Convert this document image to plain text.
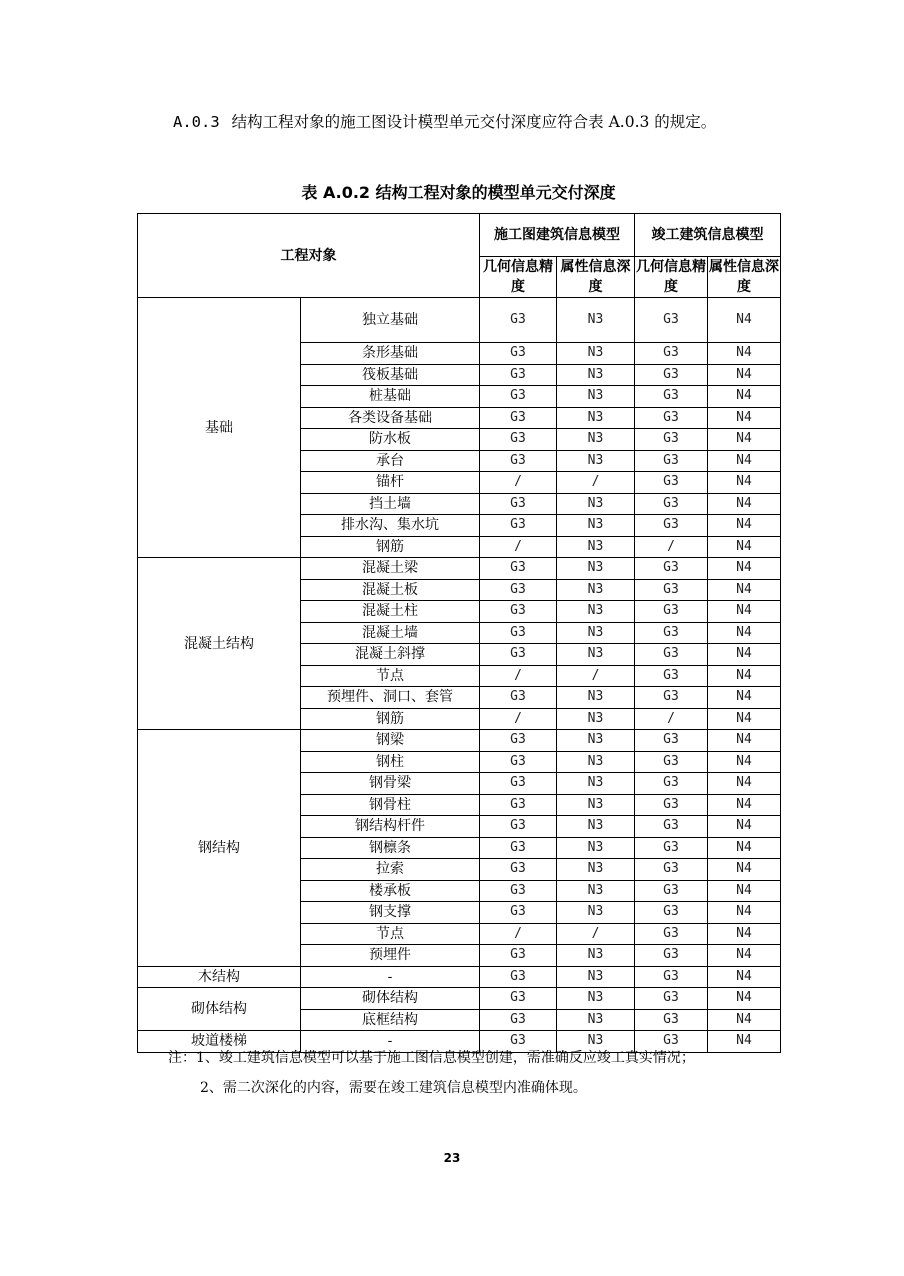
A.0.3 结构工程对象的施工图设计模型单元交付深度应符合表 A.0.3 的规定。
表 A.0.2 结构工程对象的模型单元交付深度
工程对象		施工图建筑信息模型		竣工建筑信息模型	
		几何信息精度	属性信息深度	几何信息精度	属性信息深度
基础	独立基础	G3	N3	G3	N4
	条形基础	G3	N3	G3	N4
	筏板基础	G3	N3	G3	N4
	桩基础	G3	N3	G3	N4
	各类设备基础	G3	N3	G3	N4
	防水板	G3	N3	G3	N4
	承台	G3	N3	G3	N4
	锚杆	/	/	G3	N4
	挡土墙	G3	N3	G3	N4
	排水沟、集水坑	G3	N3	G3	N4
	钢筋	/	N3	/	N4
混凝土结构	混凝土梁	G3	N3	G3	N4
	混凝土板	G3	N3	G3	N4
	混凝土柱	G3	N3	G3	N4
	混凝土墙	G3	N3	G3	N4
	混凝土斜撑	G3	N3	G3	N4
	节点	/	/	G3	N4
	预埋件、洞口、套管	G3	N3	G3	N4
	钢筋	/	N3	/	N4
钢结构	钢梁	G3	N3	G3	N4
	钢柱	G3	N3	G3	N4
	钢骨梁	G3	N3	G3	N4
	钢骨柱	G3	N3	G3	N4
	钢结构杆件	G3	N3	G3	N4
	钢檩条	G3	N3	G3	N4
	拉索	G3	N3	G3	N4
	楼承板	G3	N3	G3	N4
	钢支撑	G3	N3	G3	N4
	节点	/	/	G3	N4
	预埋件	G3	N3	G3	N4
木结构	-	G3	N3	G3	N4
砌体结构	砌体结构	G3	N3	G3	N4
	底框结构	G3	N3	G3	N4
坡道楼梯	-	G3	N3	G3	N4
注：1、竣工建筑信息模型可以基于施工图信息模型创建，需准确反应竣工真实情况；
2、需二次深化的内容，需要在竣工建筑信息模型内准确体现。
23
